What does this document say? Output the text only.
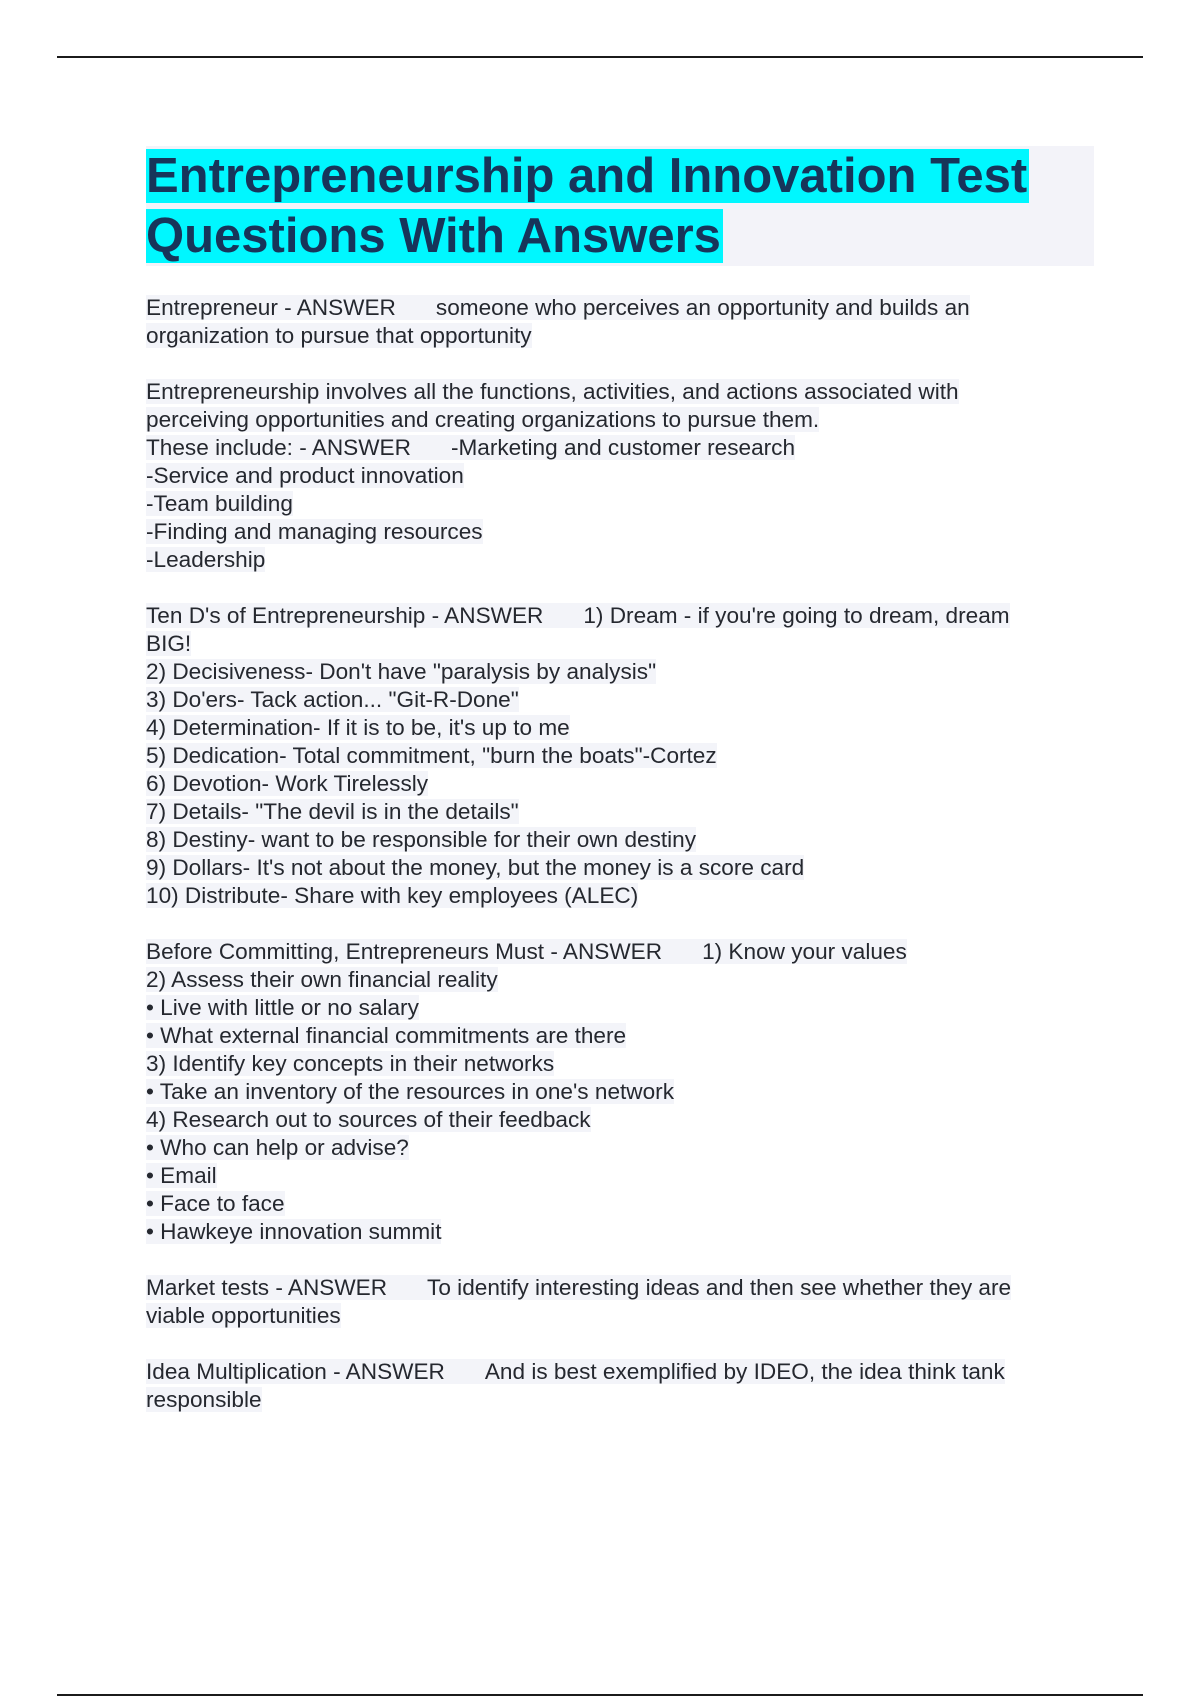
Entrepreneurship and Innovation Test Questions With Answers
Entrepreneur - ANSWER someone who perceives an opportunity and builds an
organization to pursue that opportunity
Entrepreneurship involves all the functions, activities, and actions associated with
perceiving opportunities and creating organizations to pursue them.
These include: - ANSWER -Marketing and customer research
-Service and product innovation
-Team building
-Finding and managing resources
-Leadership
Ten D's of Entrepreneurship - ANSWER 1) Dream - if you're going to dream, dream
BIG!
2) Decisiveness- Don't have "paralysis by analysis"
3) Do'ers- Tack action... "Git-R-Done"
4) Determination- If it is to be, it's up to me
5) Dedication- Total commitment, "burn the boats"-Cortez
6) Devotion- Work Tirelessly
7) Details- "The devil is in the details"
8) Destiny- want to be responsible for their own destiny
9) Dollars- It's not about the money, but the money is a score card
10) Distribute- Share with key employees (ALEC)
Before Committing, Entrepreneurs Must - ANSWER 1) Know your values
2) Assess their own financial reality
• Live with little or no salary
• What external financial commitments are there
3) Identify key concepts in their networks
• Take an inventory of the resources in one's network
4) Research out to sources of their feedback
• Who can help or advise?
• Email
• Face to face
• Hawkeye innovation summit
Market tests - ANSWER To identify interesting ideas and then see whether they are
viable opportunities
Idea Multiplication - ANSWER And is best exemplified by IDEO, the idea think tank
responsible
